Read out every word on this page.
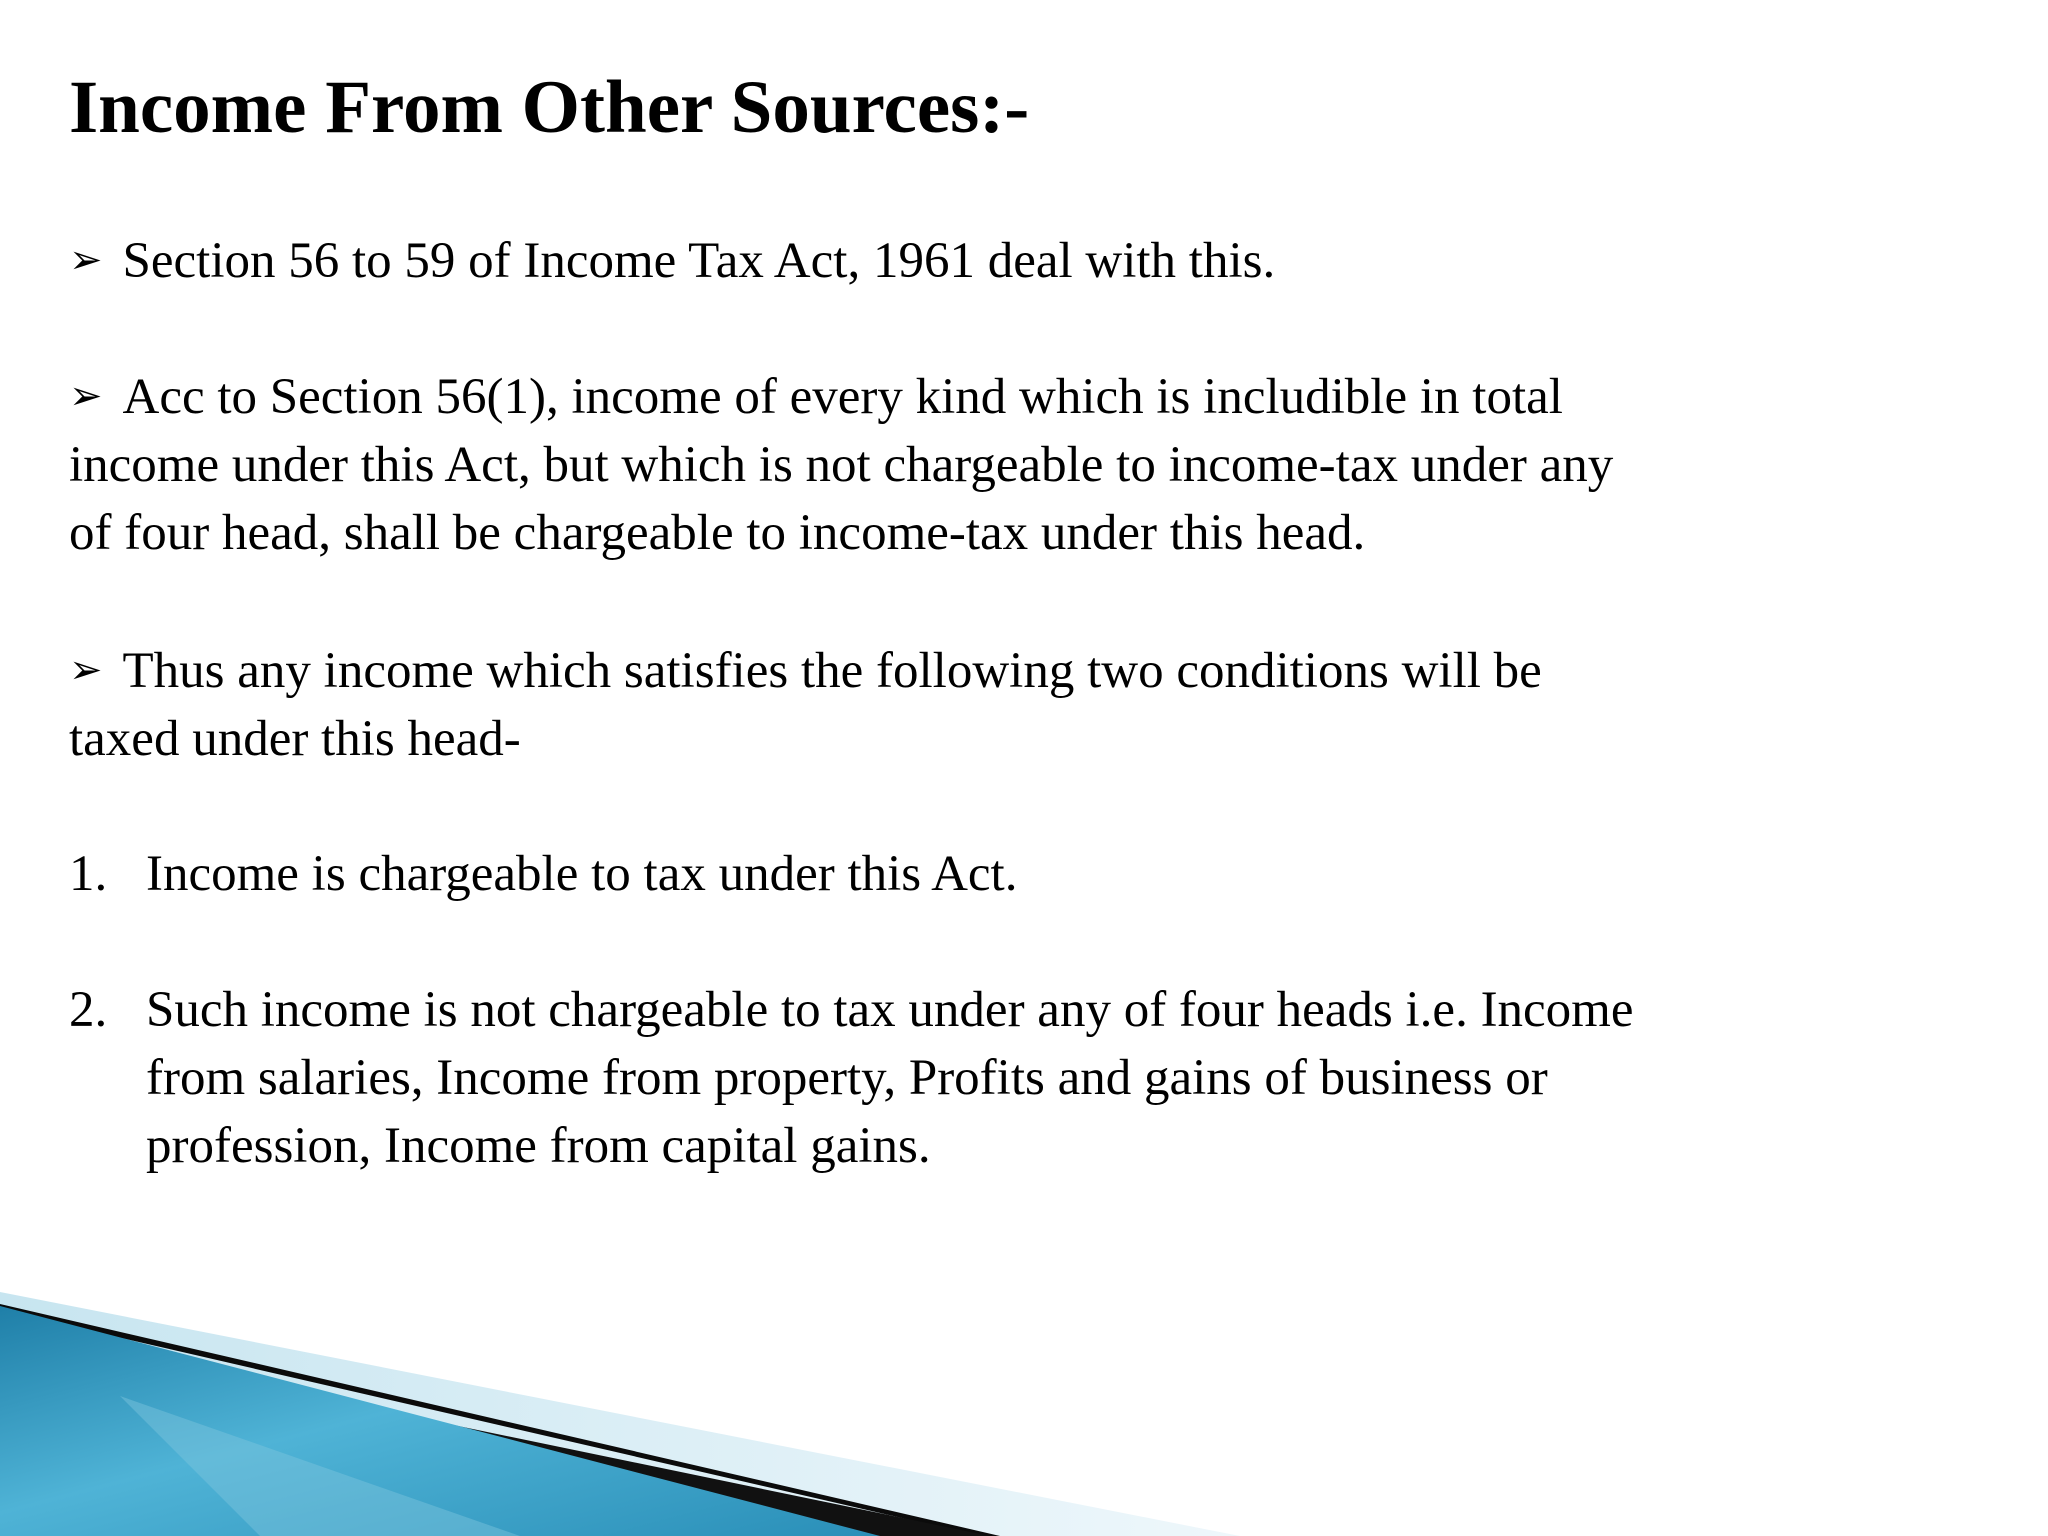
Income From Other Sources:-

➢ Section 56 to 59 of Income Tax Act, 1961 deal with this.

➢ Acc to Section 56(1), income of every kind which is includible in total
income under this Act, but which is not chargeable to income-tax under any
of four head, shall be chargeable to income-tax under this head.
➢ Thus any income which satisfies the following two conditions will be
taxed under this head-
1. Income is chargeable to tax under this Act.
2. Such income is not chargeable to tax under any of four heads i.e. Income
from salaries, Income from property, Profits and gains of business or
profession, Income from capital gains.
